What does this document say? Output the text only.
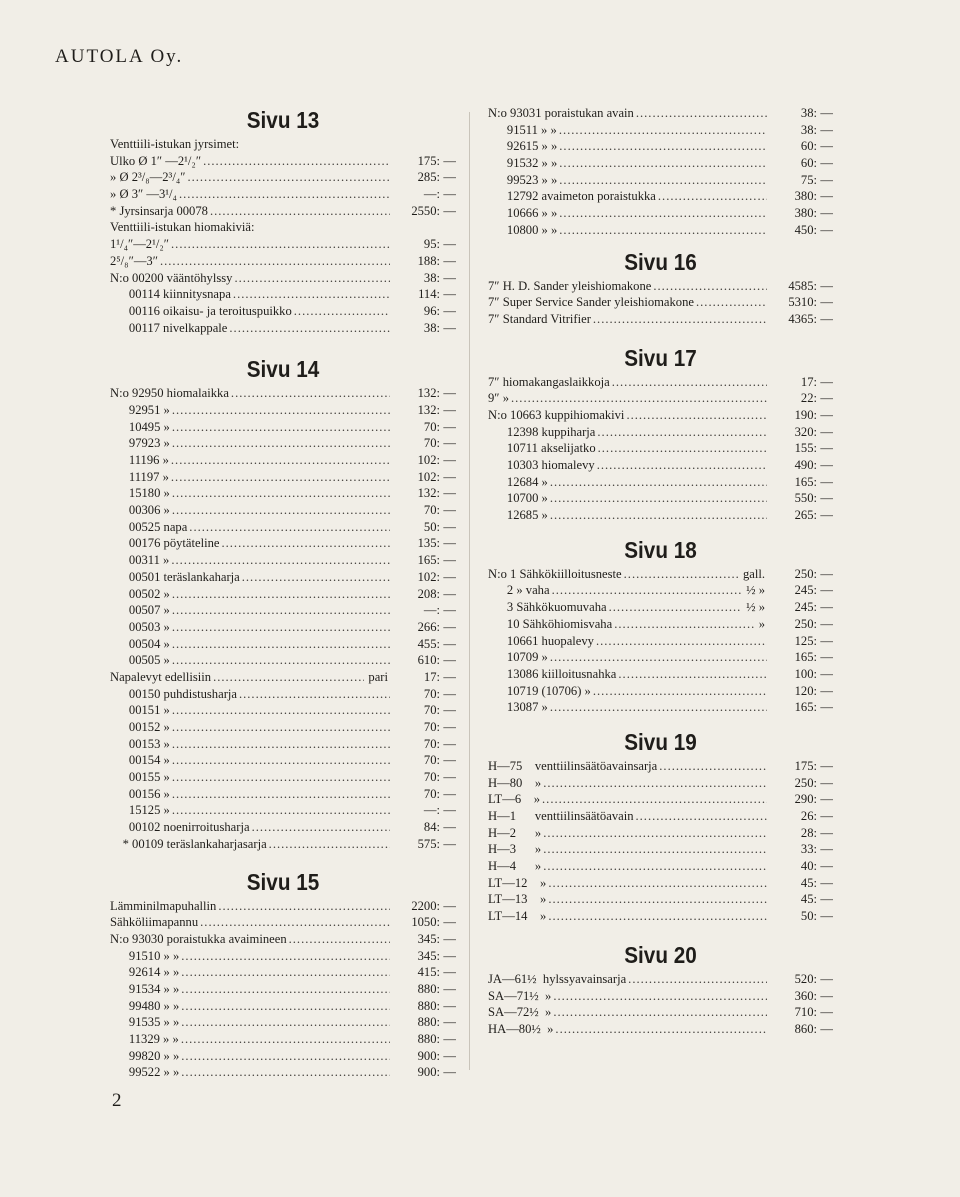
AUTOLA Oy.
Sivu 13
Venttiili-istukan jyrsimet:
Ulko Ø 1″ —2¹/₂″ .....	175: —
» Ø 2³/₈—2³/₄″ .....	285: —
» Ø 3″ —3¹/₄ .....	—: —
* Jyrsinsarja 00078 .....	2550: —
Venttiili-istukan hiomakiviä:
1¹/₄″—2¹/₂″ .....	95: —
2⁵/₈″—3″ .....	188: —
N:o 00200 vääntöhylssy .....	38: —
00114 kiinnitysnapa .....	114: —
00116 oikaisu- ja teroituspuikko .....	96: —
00117 nivelkappale .....	38: —
Sivu 14
N:o 92950 hiomalaikka .....	132: —
92951 » .....	132: —
10495 » .....	70: —
97923 » .....	70: —
11196 » .....	102: —
11197 » .....	102: —
15180 » .....	132: —
00306 » .....	70: —
00525 napa .....	50: —
00176 pöytäteline .....	135: —
00311 » .....	165: —
00501 teräslankaharja .....	102: —
00502 » .....	208: —
00507 » .....	—: —
00503 » .....	266: —
00504 » .....	455: —
00505 » .....	610: —
Napalevyt edellisiin .....	pari	17: —
00150 puhdistusharja .....	70: —
00151 » .....	70: —
00152 » .....	70: —
00153 » .....	70: —
00154 » .....	70: —
00155 » .....	70: —
00156 » .....	70: —
15125 » .....	—: —
00102 noenirroitusharja .....	84: —
* 00109 teräslankaharjasarja .....	575: —
Sivu 15
Lämminilmapuhallin .....	2200: —
Sähköliimapannu .....	1050: —
N:o 93030 poraistukka avaimineen .....	345: —
91510 » » .....	345: —
92614 » » .....	415: —
91534 » » .....	880: —
99480 » » .....	880: —
91535 » » .....	880: —
11329 » » .....	880: —
99820 » » .....	900: —
99522 » » .....	900: —
N:o 93031 poraistukan avain .....	38: —
91511 » » .....	38: —
92615 » » .....	60: —
91532 » » .....	60: —
99523 » » .....	75: —
12792 avaimeton poraistukka .....	380: —
10666 » » .....	380: —
10800 » » .....	450: —
Sivu 16
7″ H. D. Sander yleishiomakone .....	4585: —
7″ Super Service Sander yleishiomakone .....	5310: —
7″ Standard Vitrifier .....	4365: —
Sivu 17
7″ hiomakangaslaikkoja .....	17: —
9″ » .....	22: —
N:o 10663 kuppihiomakivi .....	190: —
12398 kuppiharja .....	320: —
10711 akselijatko .....	155: —
10303 hiomalevy .....	490: —
12684 » .....	165: —
10700 » .....	550: —
12685 » .....	265: —
Sivu 18
N:o 1 Sähkökiilloitusneste .....	gall.	250: —
2 » vaha .....	½ »	245: —
3 Sähkökuomuvaha .....	½ »	245: —
10 Sähköhiomisvaha .....	»	250: —
10661 huopalevy .....	125: —
10709 » .....	165: —
13086 kiilloitusnahka .....	100: —
10719 (10706) » .....	120: —
13087 » .....	165: —
Sivu 19
H—75    venttiilinsäätöavainsarja .....	175: —
H—80    » .....	250: —
LT—6    » .....	290: —
H—1      venttiilinsäätöavain .....	26: —
H—2      » .....	28: —
H—3      » .....	33: —
H—4      » .....	40: —
LT—12    » .....	45: —
LT—13    » .....	45: —
LT—14    » .....	50: —
Sivu 20
JA—61½  hylssyavainsarja .....	520: —
SA—71½  » .....	360: —
SA—72½  » .....	710: —
HA—80½  » .....	860: —
2
